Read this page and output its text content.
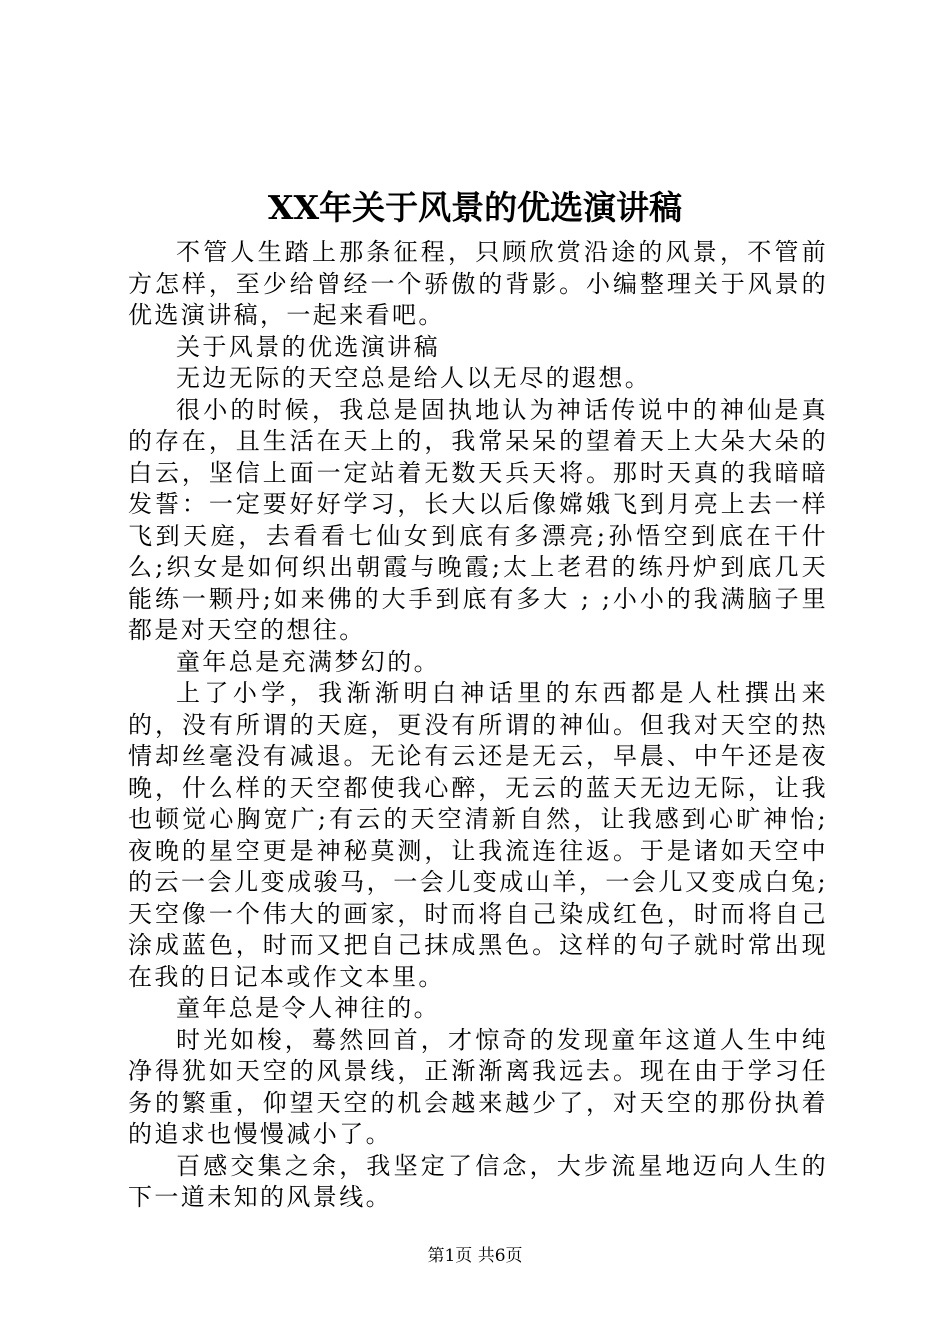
XX年关于风景的优选演讲稿

不管人生踏上那条征程，只顾欣赏沿途的风景，不管前方怎样，至少给曾经一个骄傲的背影。小编整理关于风景的优选演讲稿，一起来看吧。

关于风景的优选演讲稿

无边无际的天空总是给人以无尽的遐想。

很小的时候，我总是固执地认为神话传说中的神仙是真的存在，且生活在天上的，我常呆呆的望着天上大朵大朵的白云，坚信上面一定站着无数天兵天将。那时天真的我暗暗发誓：一定要好好学习，长大以后像嫦娥飞到月亮上去一样飞到天庭，去看看七仙女到底有多漂亮;孙悟空到底在干什么;织女是如何织出朝霞与晚霞;太上老君的练丹炉到底几天能练一颗丹;如来佛的大手到底有多大 ; ;小小的我满脑子里都是对天空的想往。

童年总是充满梦幻的。

上了小学，我渐渐明白神话里的东西都是人杜撰出来的，没有所谓的天庭，更没有所谓的神仙。但我对天空的热情却丝毫没有减退。无论有云还是无云，早晨、中午还是夜晚，什么样的天空都使我心醉，无云的蓝天无边无际，让我也顿觉心胸宽广;有云的天空清新自然，让我感到心旷神怡;夜晚的星空更是神秘莫测，让我流连往返。于是诸如天空中的云一会儿变成骏马，一会儿变成山羊，一会儿又变成白兔;天空像一个伟大的画家，时而将自己染成红色，时而将自己涂成蓝色，时而又把自己抹成黑色。这样的句子就时常出现在我的日记本或作文本里。

童年总是令人神往的。

时光如梭，蓦然回首，才惊奇的发现童年这道人生中纯净得犹如天空的风景线，正渐渐离我远去。现在由于学习任务的繁重，仰望天空的机会越来越少了，对天空的那份执着的追求也慢慢减小了。

百感交集之余，我坚定了信念，大步流星地迈向人生的下一道未知的风景线。

第1页 共6页
